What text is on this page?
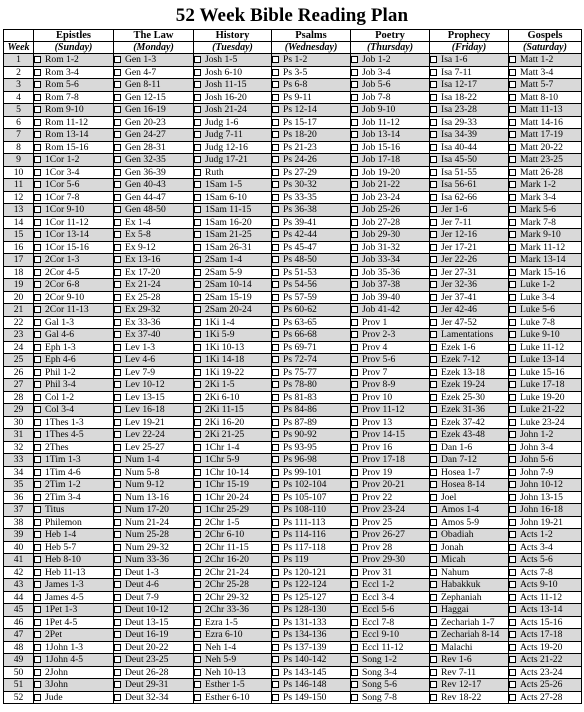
52 Week Bible Reading Plan
	Epistles	The Law	History	Psalms	Poetry	Prophecy	Gospels
Week	(Sunday)	(Monday)	(Tuesday)	(Wednesday)	(Thursday)	(Friday)	(Saturday)
1	Rom 1-2	Gen 1-3	Josh 1-5	Ps 1-2	Job 1-2	Isa 1-6	Matt 1-2
2	Rom 3-4	Gen 4-7	Josh 6-10	Ps 3-5	Job 3-4	Isa 7-11	Matt 3-4
3	Rom 5-6	Gen 8-11	Josh 11-15	Ps 6-8	Job 5-6	Isa 12-17	Matt 5-7
4	Rom 7-8	Gen 12-15	Josh 16-20	Ps 9-11	Job 7-8	Isa 18-22	Matt 8-10
5	Rom 9-10	Gen 16-19	Josh 21-24	Ps 12-14	Job 9-10	Isa 23-28	Matt 11-13
6	Rom 11-12	Gen 20-23	Judg 1-6	Ps 15-17	Job 11-12	Isa 29-33	Matt 14-16
7	Rom 13-14	Gen 24-27	Judg 7-11	Ps 18-20	Job 13-14	Isa 34-39	Matt 17-19
8	Rom 15-16	Gen 28-31	Judg 12-16	Ps 21-23	Job 15-16	Isa 40-44	Matt 20-22
9	1Cor 1-2	Gen 32-35	Judg 17-21	Ps 24-26	Job 17-18	Isa 45-50	Matt 23-25
10	1Cor 3-4	Gen 36-39	Ruth	Ps 27-29	Job 19-20	Isa 51-55	Matt 26-28
11	1Cor 5-6	Gen 40-43	1Sam 1-5	Ps 30-32	Job 21-22	Isa 56-61	Mark 1-2
12	1Cor 7-8	Gen 44-47	1Sam 6-10	Ps 33-35	Job 23-24	Isa 62-66	Mark 3-4
13	1Cor 9-10	Gen 48-50	1Sam 11-15	Ps 36-38	Job 25-26	Jer 1-6	Mark 5-6
14	1Cor 11-12	Ex 1-4	1Sam 16-20	Ps 39-41	Job 27-28	Jer 7-11	Mark 7-8
15	1Cor 13-14	Ex 5-8	1Sam 21-25	Ps 42-44	Job 29-30	Jer 12-16	Mark 9-10
16	1Cor 15-16	Ex 9-12	1Sam 26-31	Ps 45-47	Job 31-32	Jer 17-21	Mark 11-12
17	2Cor 1-3	Ex 13-16	2Sam 1-4	Ps 48-50	Job 33-34	Jer 22-26	Mark 13-14
18	2Cor 4-5	Ex 17-20	2Sam 5-9	Ps 51-53	Job 35-36	Jer 27-31	Mark 15-16
19	2Cor 6-8	Ex 21-24	2Sam 10-14	Ps 54-56	Job 37-38	Jer 32-36	Luke 1-2
20	2Cor 9-10	Ex 25-28	2Sam 15-19	Ps 57-59	Job 39-40	Jer 37-41	Luke 3-4
21	2Cor 11-13	Ex 29-32	2Sam 20-24	Ps 60-62	Job 41-42	Jer 42-46	Luke 5-6
22	Gal 1-3	Ex 33-36	1Ki 1-4	Ps 63-65	Prov 1	Jer 47-52	Luke 7-8
23	Gal 4-6	Ex 37-40	1Ki 5-9	Ps 66-68	Prov 2-3	Lamentations	Luke 9-10
24	Eph 1-3	Lev 1-3	1Ki 10-13	Ps 69-71	Prov 4	Ezek 1-6	Luke 11-12
25	Eph 4-6	Lev 4-6	1Ki 14-18	Ps 72-74	Prov 5-6	Ezek 7-12	Luke 13-14
26	Phil 1-2	Lev 7-9	1Ki 19-22	Ps 75-77	Prov 7	Ezek 13-18	Luke 15-16
27	Phil 3-4	Lev 10-12	2Ki 1-5	Ps 78-80	Prov 8-9	Ezek 19-24	Luke 17-18
28	Col 1-2	Lev 13-15	2Ki 6-10	Ps 81-83	Prov 10	Ezek 25-30	Luke 19-20
29	Col 3-4	Lev 16-18	2Ki 11-15	Ps 84-86	Prov 11-12	Ezek 31-36	Luke 21-22
30	1Thes 1-3	Lev 19-21	2Ki 16-20	Ps 87-89	Prov 13	Ezek 37-42	Luke 23-24
31	1Thes 4-5	Lev 22-24	2Ki 21-25	Ps 90-92	Prov 14-15	Ezek 43-48	John 1-2
32	2Thes	Lev 25-27	1Chr 1-4	Ps 93-95	Prov 16	Dan 1-6	John 3-4
33	1Tim 1-3	Num 1-4	1Chr 5-9	Ps 96-98	Prov 17-18	Dan 7-12	John 5-6
34	1Tim 4-6	Num 5-8	1Chr 10-14	Ps 99-101	Prov 19	Hosea 1-7	John 7-9
35	2Tim 1-2	Num 9-12	1Chr 15-19	Ps 102-104	Prov 20-21	Hosea 8-14	John 10-12
36	2Tim 3-4	Num 13-16	1Chr 20-24	Ps 105-107	Prov 22	Joel	John 13-15
37	Titus	Num 17-20	1Chr 25-29	Ps 108-110	Prov 23-24	Amos 1-4	John 16-18
38	Philemon	Num 21-24	2Chr 1-5	Ps 111-113	Prov 25	Amos 5-9	John 19-21
39	Heb 1-4	Num 25-28	2Chr 6-10	Ps 114-116	Prov 26-27	Obadiah	Acts 1-2
40	Heb 5-7	Num 29-32	2Chr 11-15	Ps 117-118	Prov 28	Jonah	Acts 3-4
41	Heb 8-10	Num 33-36	2Chr 16-20	Ps 119	Prov 29-30	Micah	Acts 5-6
42	Heb 11-13	Deut 1-3	2Chr 21-24	Ps 120-121	Prov 31	Nahum	Acts 7-8
43	James 1-3	Deut 4-6	2Chr 25-28	Ps 122-124	Eccl 1-2	Habakkuk	Acts 9-10
44	James 4-5	Deut 7-9	2Chr 29-32	Ps 125-127	Eccl 3-4	Zephaniah	Acts 11-12
45	1Pet 1-3	Deut 10-12	2Chr 33-36	Ps 128-130	Eccl 5-6	Haggai	Acts 13-14
46	1Pet 4-5	Deut 13-15	Ezra 1-5	Ps 131-133	Eccl 7-8	Zechariah 1-7	Acts 15-16
47	2Pet	Deut 16-19	Ezra 6-10	Ps 134-136	Eccl 9-10	Zechariah 8-14	Acts 17-18
48	1John 1-3	Deut 20-22	Neh 1-4	Ps 137-139	Eccl 11-12	Malachi	Acts 19-20
49	1John 4-5	Deut 23-25	Neh 5-9	Ps 140-142	Song 1-2	Rev 1-6	Acts 21-22
50	2John	Deut 26-28	Neh 10-13	Ps 143-145	Song 3-4	Rev 7-11	Acts 23-24
51	3John	Deut 29-31	Esther 1-5	Ps 146-148	Song 5-6	Rev 12-17	Acts 25-26
52	Jude	Deut 32-34	Esther 6-10	Ps 149-150	Song 7-8	Rev 18-22	Acts 27-28
